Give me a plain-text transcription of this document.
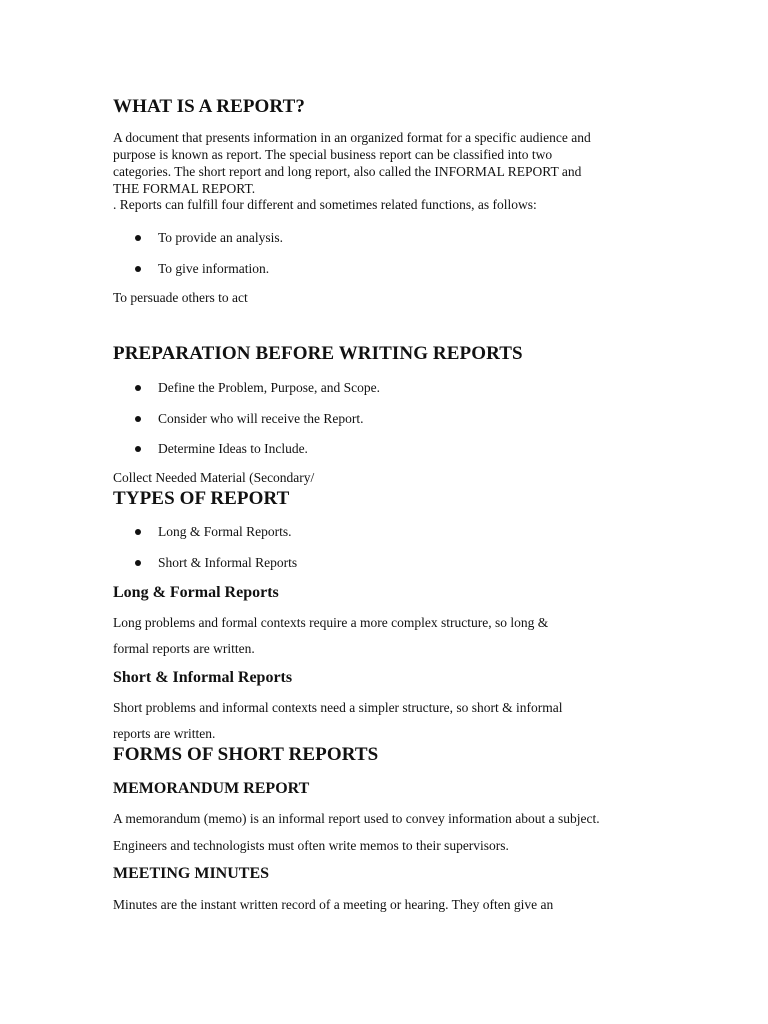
WHAT IS A REPORT?
A document that presents information in an organized format for a specific audience and
purpose is known as report. The special business report can be classified into two
categories. The short report and long report, also called the INFORMAL REPORT and
THE FORMAL REPORT.
. Reports can fulfill four different and sometimes related functions, as follows:
To provide an analysis.
To give information.
To persuade others to act
PREPARATION BEFORE WRITING REPORTS
Define the Problem, Purpose, and Scope.
Consider who will receive the Report.
Determine Ideas to Include.
Collect Needed Material (Secondary/
TYPES OF REPORT
Long & Formal Reports.
Short & Informal Reports
Long & Formal Reports
Long problems and formal contexts require a more complex structure, so long &
formal reports are written.
Short & Informal Reports
Short problems and informal contexts need a simpler structure, so short & informal
reports are written.
FORMS OF SHORT REPORTS
MEMORANDUM REPORT
A memorandum (memo) is an informal report used to convey information about a subject.
Engineers and technologists must often write memos to their supervisors.
MEETING MINUTES
Minutes are the instant written record of a meeting or hearing. They often give an
